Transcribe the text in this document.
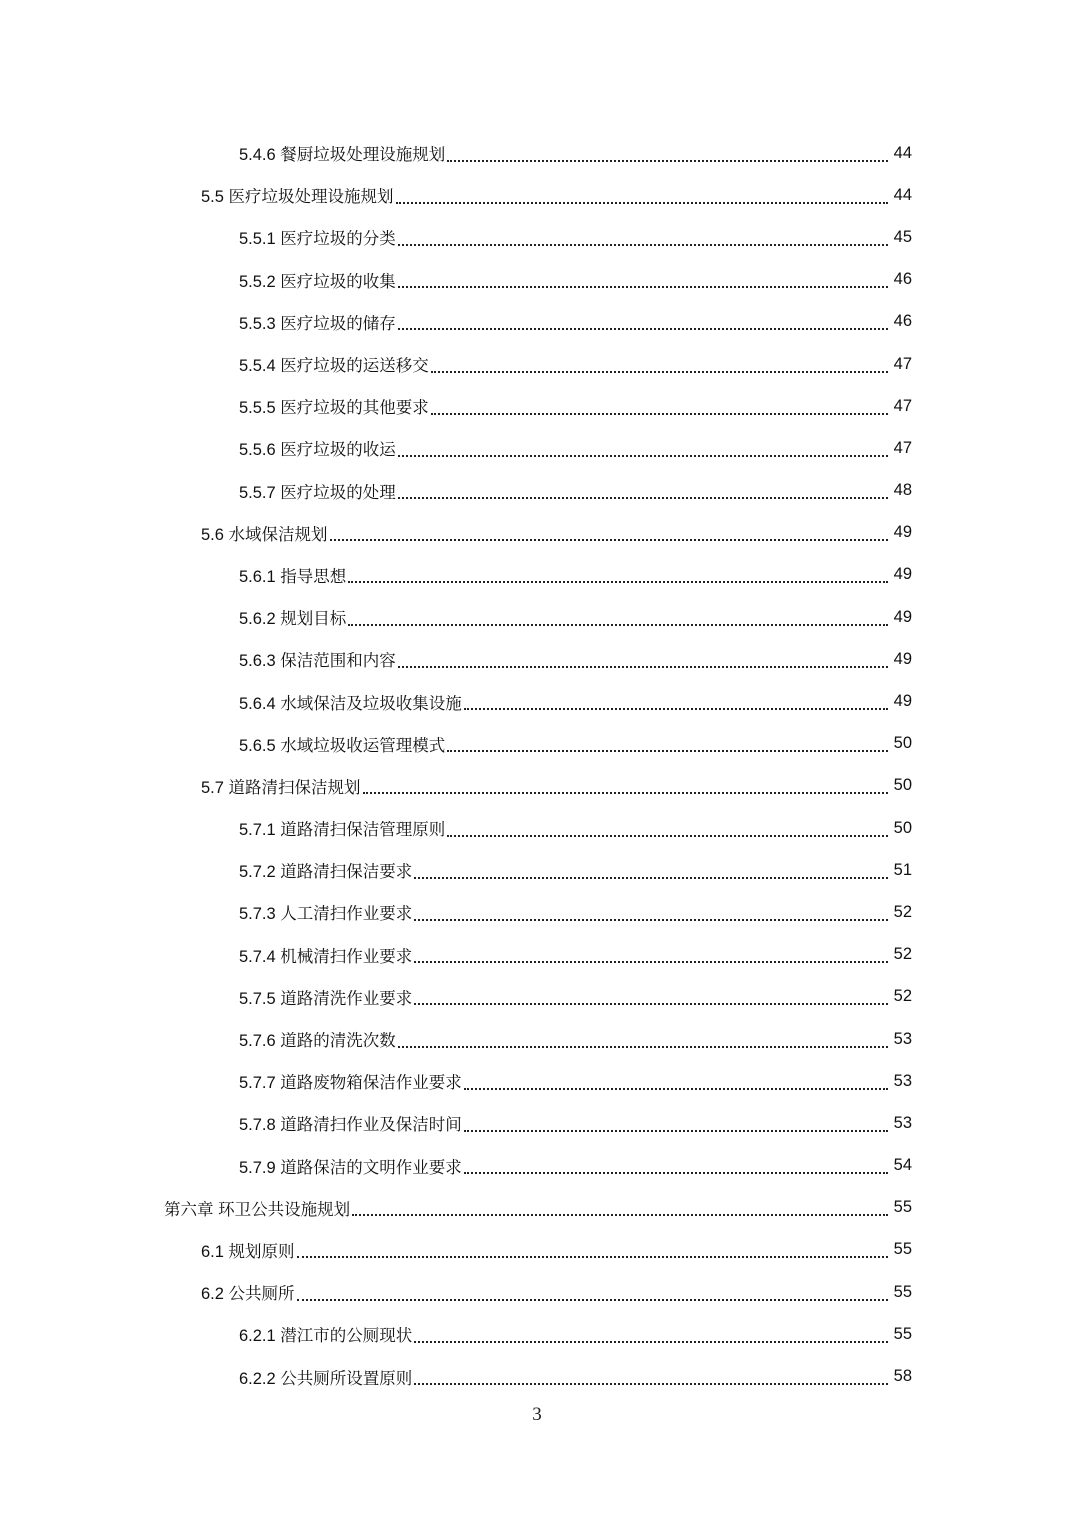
5.4.6 餐厨垃圾处理设施规划	44
5.5 医疗垃圾处理设施规划	44
5.5.1 医疗垃圾的分类	45
5.5.2 医疗垃圾的收集	46
5.5.3 医疗垃圾的储存	46
5.5.4 医疗垃圾的运送移交	47
5.5.5 医疗垃圾的其他要求	47
5.5.6 医疗垃圾的收运	47
5.5.7 医疗垃圾的处理	48
5.6 水域保洁规划	49
5.6.1 指导思想	49
5.6.2 规划目标	49
5.6.3 保洁范围和内容	49
5.6.4 水域保洁及垃圾收集设施	49
5.6.5 水域垃圾收运管理模式	50
5.7 道路清扫保洁规划	50
5.7.1 道路清扫保洁管理原则	50
5.7.2 道路清扫保洁要求	51
5.7.3 人工清扫作业要求	52
5.7.4 机械清扫作业要求	52
5.7.5 道路清洗作业要求	52
5.7.6 道路的清洗次数	53
5.7.7 道路废物箱保洁作业要求	53
5.7.8 道路清扫作业及保洁时间	53
5.7.9 道路保洁的文明作业要求	54
第六章 环卫公共设施规划	55
6.1 规划原则	55
6.2 公共厕所	55
6.2.1 潜江市的公厕现状	55
6.2.2 公共厕所设置原则	58
3
